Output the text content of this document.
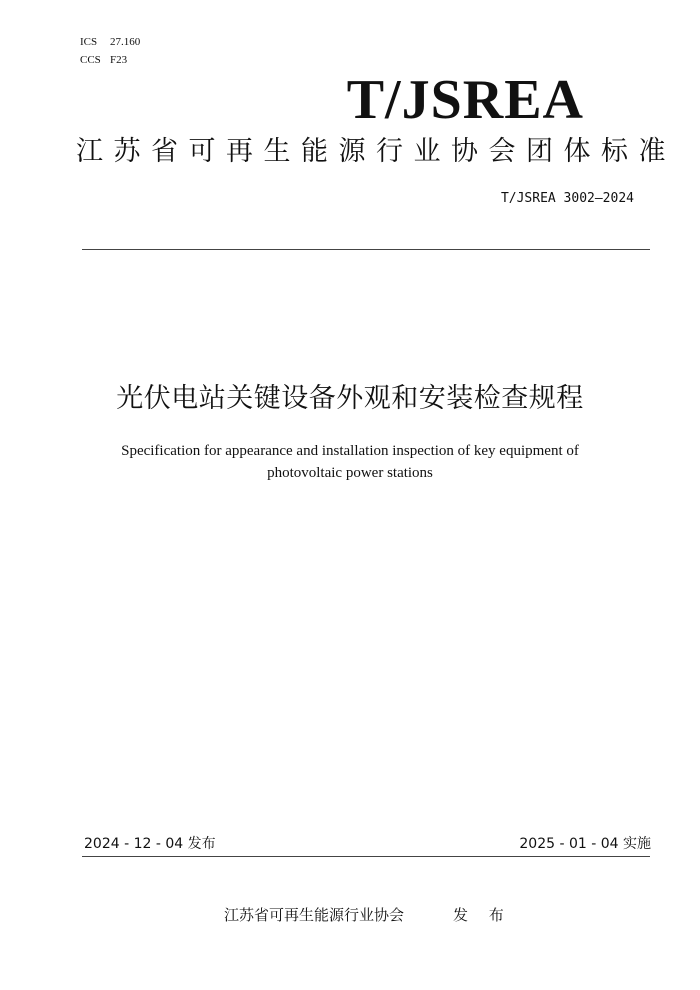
ICS 27.160
CCS F23
T/JSREA
江苏省可再生能源行业协会团体标准
T/JSREA 3002—2024
光伏电站关键设备外观和安装检查规程
Specification for appearance and installation inspection of key equipment of photovoltaic power stations
2024 - 12 - 04 发布	2025 - 01 - 04 实施
江苏省可再生能源行业协会	发 布
